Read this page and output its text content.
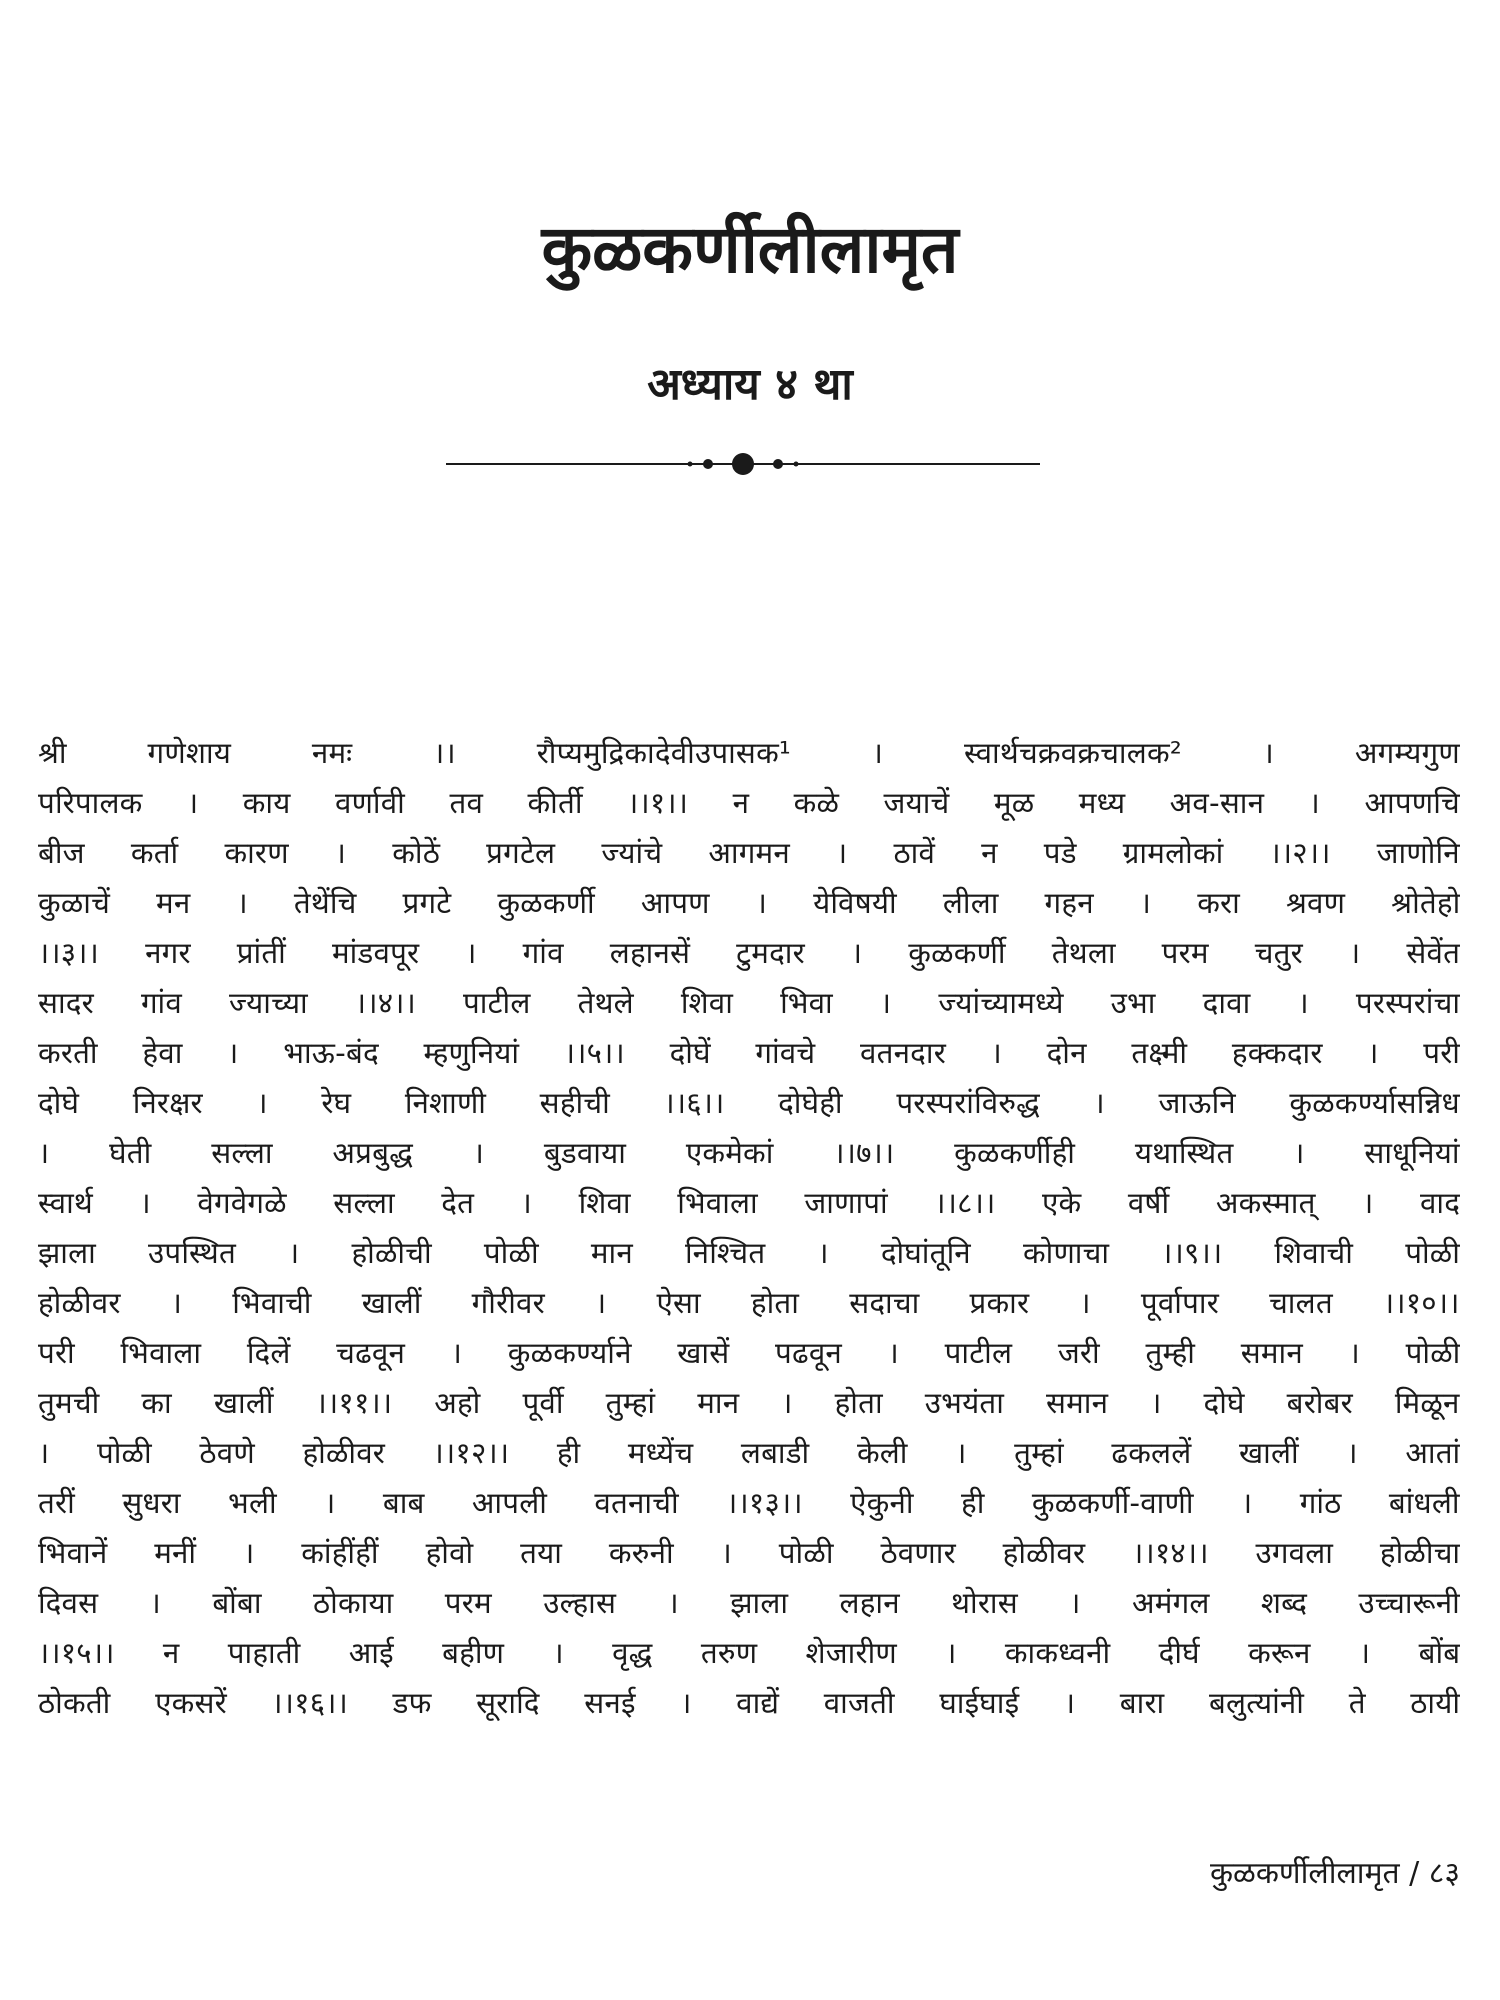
कुळकर्णीलीलामृत
अध्याय ४ था
श्री गणेशाय नमः ।। रौप्यमुद्रिकादेवीउपासक¹ । स्वार्थचक्रवक्रचालक² । अगम्यगुण
परिपालक । काय वर्णावी तव कीर्ती ।।१।। न कळे जयाचें मूळ मध्य अव-सान । आपणचि
बीज कर्ता कारण । कोठें प्रगटेल ज्यांचे आगमन । ठावें न पडे ग्रामलोकां ।।२।। जाणोनि
कुळाचें मन । तेथेंचि प्रगटे कुळकर्णी आपण । येविषयी लीला गहन । करा श्रवण श्रोतेहो
।।३।। नगर प्रांतीं मांडवपूर । गांव लहानसें टुमदार । कुळकर्णी तेथला परम चतुर । सेवेंत
सादर गांव ज्याच्या ।।४।। पाटील तेथले शिवा भिवा । ज्यांच्यामध्ये उभा दावा । परस्परांचा
करती हेवा । भाऊ-बंद म्हणुनियां ।।५।। दोघें गांवचे वतनदार । दोन तक्ष्मी हक्कदार । परी
दोघे निरक्षर । रेघ निशाणी सहीची ।।६।। दोघेही परस्परांविरुद्ध । जाऊनि कुळकर्ण्यासन्निध
। घेती सल्ला अप्रबुद्ध । बुडवाया एकमेकां ।।७।। कुळकर्णीही यथास्थित । साधूनियां
स्वार्थ । वेगवेगळे सल्ला देत । शिवा भिवाला जाणापां ।।८।। एके वर्षी अकस्मात् । वाद
झाला उपस्थित । होळीची पोळी मान निश्चित । दोघांतूनि कोणाचा ।।९।। शिवाची पोळी
होळीवर । भिवाची खालीं गौरीवर । ऐसा होता सदाचा प्रकार । पूर्वापार चालत ।।१०।।
परी भिवाला दिलें चढवून । कुळकर्ण्याने खासें पढवून । पाटील जरी तुम्ही समान । पोळी
तुमची का खालीं ।।११।। अहो पूर्वी तुम्हां मान । होता उभयंता समान । दोघे बरोबर मिळून
। पोळी ठेवणे होळीवर ।।१२।। ही मध्येंच लबाडी केली । तुम्हां ढकललें खालीं । आतां
तरीं सुधरा भली । बाब आपली वतनाची ।।१३।। ऐकुनी ही कुळकर्णी-वाणी । गांठ बांधली
भिवानें मनीं । कांहींहीं होवो तया करुनी । पोळी ठेवणार होळीवर ।।१४।। उगवला होळीचा
दिवस । बोंबा ठोकाया परम उल्हास । झाला लहान थोरास । अमंगल शब्द उच्चारूनी
।।१५।। न पाहाती आई बहीण । वृद्ध तरुण शेजारीण । काकध्वनी दीर्घ करून । बोंब
ठोकती एकसरें ।।१६।। डफ सूरादि सनई । वाद्यें वाजती घाईघाई । बारा बलुत्यांनी ते ठायी
कुळकर्णीलीलामृत / ८३
